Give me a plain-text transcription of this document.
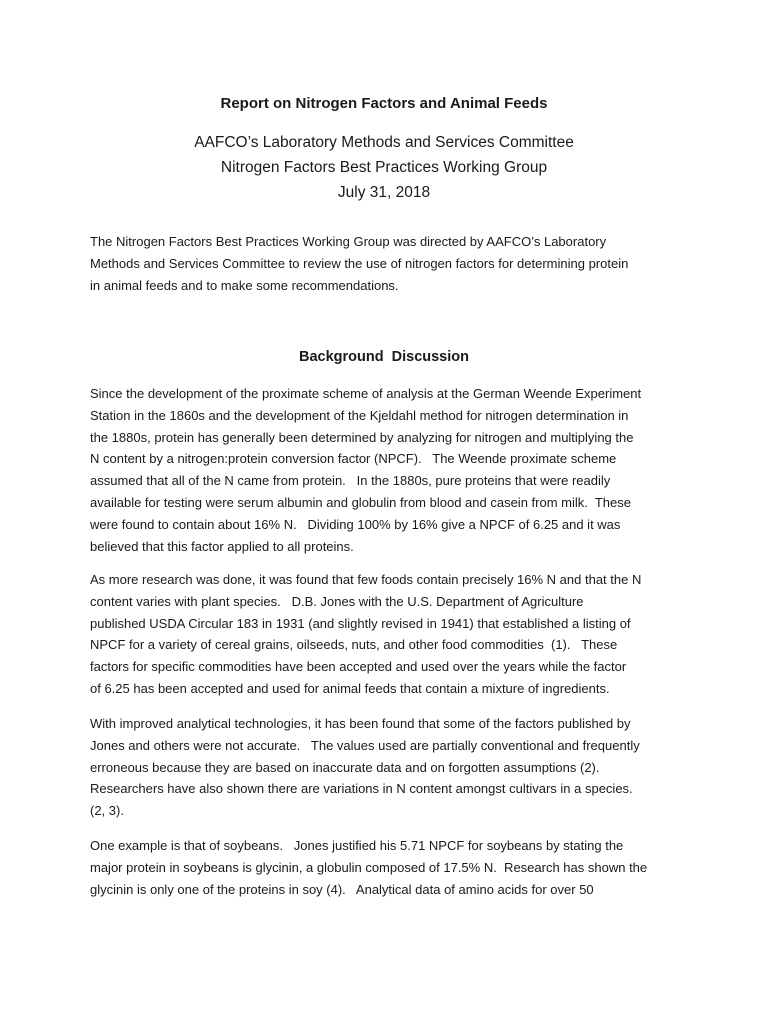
Report on Nitrogen Factors and Animal Feeds
AAFCO’s Laboratory Methods and Services Committee
Nitrogen Factors Best Practices Working Group
July 31, 2018
The Nitrogen Factors Best Practices Working Group was directed by AAFCO’s Laboratory
Methods and Services Committee to review the use of nitrogen factors for determining protein
in animal feeds and to make some recommendations.
Background  Discussion
Since the development of the proximate scheme of analysis at the German Weende Experiment
Station in the 1860s and the development of the Kjeldahl method for nitrogen determination in
the 1880s, protein has generally been determined by analyzing for nitrogen and multiplying the
N content by a nitrogen:protein conversion factor (NPCF).   The Weende proximate scheme
assumed that all of the N came from protein.   In the 1880s, pure proteins that were readily
available for testing were serum albumin and globulin from blood and casein from milk.  These
were found to contain about 16% N.   Dividing 100% by 16% give a NPCF of 6.25 and it was
believed that this factor applied to all proteins.
As more research was done, it was found that few foods contain precisely 16% N and that the N
content varies with plant species.   D.B. Jones with the U.S. Department of Agriculture
published USDA Circular 183 in 1931 (and slightly revised in 1941) that established a listing of
NPCF for a variety of cereal grains, oilseeds, nuts, and other food commodities  (1).   These
factors for specific commodities have been accepted and used over the years while the factor
of 6.25 has been accepted and used for animal feeds that contain a mixture of ingredients.
With improved analytical technologies, it has been found that some of the factors published by
Jones and others were not accurate.   The values used are partially conventional and frequently
erroneous because they are based on inaccurate data and on forgotten assumptions (2).
Researchers have also shown there are variations in N content amongst cultivars in a species.
(2, 3).
One example is that of soybeans.   Jones justified his 5.71 NPCF for soybeans by stating the
major protein in soybeans is glycinin, a globulin composed of 17.5% N.  Research has shown the
glycinin is only one of the proteins in soy (4).   Analytical data of amino acids for over 50
